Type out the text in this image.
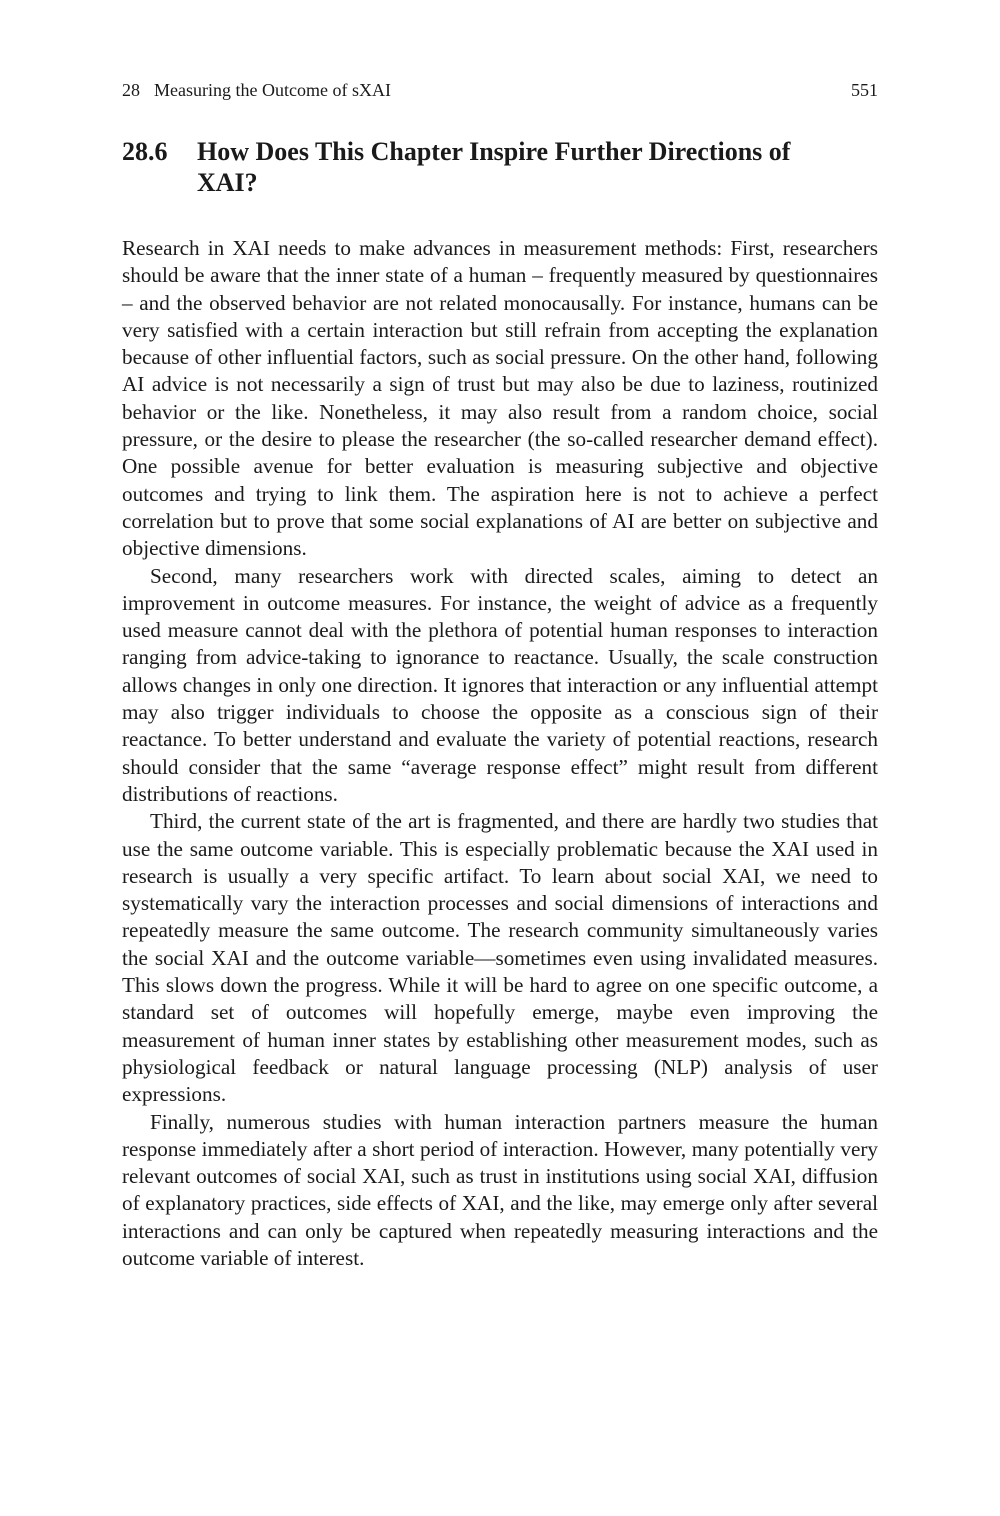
28 Measuring the Outcome of sXAI	551
28.6	How Does This Chapter Inspire Further Directions of XAI?

Research in XAI needs to make advances in measurement methods: First, researchers should be aware that the inner state of a human – frequently measured by questionnaires – and the observed behavior are not related monocausally. For instance, humans can be very satisfied with a certain interaction but still refrain from accepting the explanation because of other influential factors, such as social pressure. On the other hand, following AI advice is not necessarily a sign of trust but may also be due to laziness, routinized behavior or the like. Nonetheless, it may also result from a random choice, social pressure, or the desire to please the researcher (the so-called researcher demand effect). One possible avenue for better evaluation is measuring subjective and objective outcomes and trying to link them. The aspiration here is not to achieve a perfect correlation but to prove that some social explanations of AI are better on subjective and objective dimensions.

Second, many researchers work with directed scales, aiming to detect an improvement in outcome measures. For instance, the weight of advice as a frequently used measure cannot deal with the plethora of potential human responses to interaction ranging from advice-taking to ignorance to reactance. Usually, the scale construction allows changes in only one direction. It ignores that interaction or any influential attempt may also trigger individuals to choose the opposite as a conscious sign of their reactance. To better understand and evaluate the variety of potential reactions, research should consider that the same “average response effect” might result from different distributions of reactions.

Third, the current state of the art is fragmented, and there are hardly two studies that use the same outcome variable. This is especially problematic because the XAI used in research is usually a very specific artifact. To learn about social XAI, we need to systematically vary the interaction processes and social dimensions of interactions and repeatedly measure the same outcome. The research community simultaneously varies the social XAI and the outcome variable—sometimes even using invalidated measures. This slows down the progress. While it will be hard to agree on one specific outcome, a standard set of outcomes will hopefully emerge, maybe even improving the measurement of human inner states by establishing other measurement modes, such as physiological feedback or natural language processing (NLP) analysis of user expressions.

Finally, numerous studies with human interaction partners measure the human response immediately after a short period of interaction. However, many potentially very relevant outcomes of social XAI, such as trust in institutions using social XAI, diffusion of explanatory practices, side effects of XAI, and the like, may emerge only after several interactions and can only be captured when repeatedly measuring interactions and the outcome variable of interest.
